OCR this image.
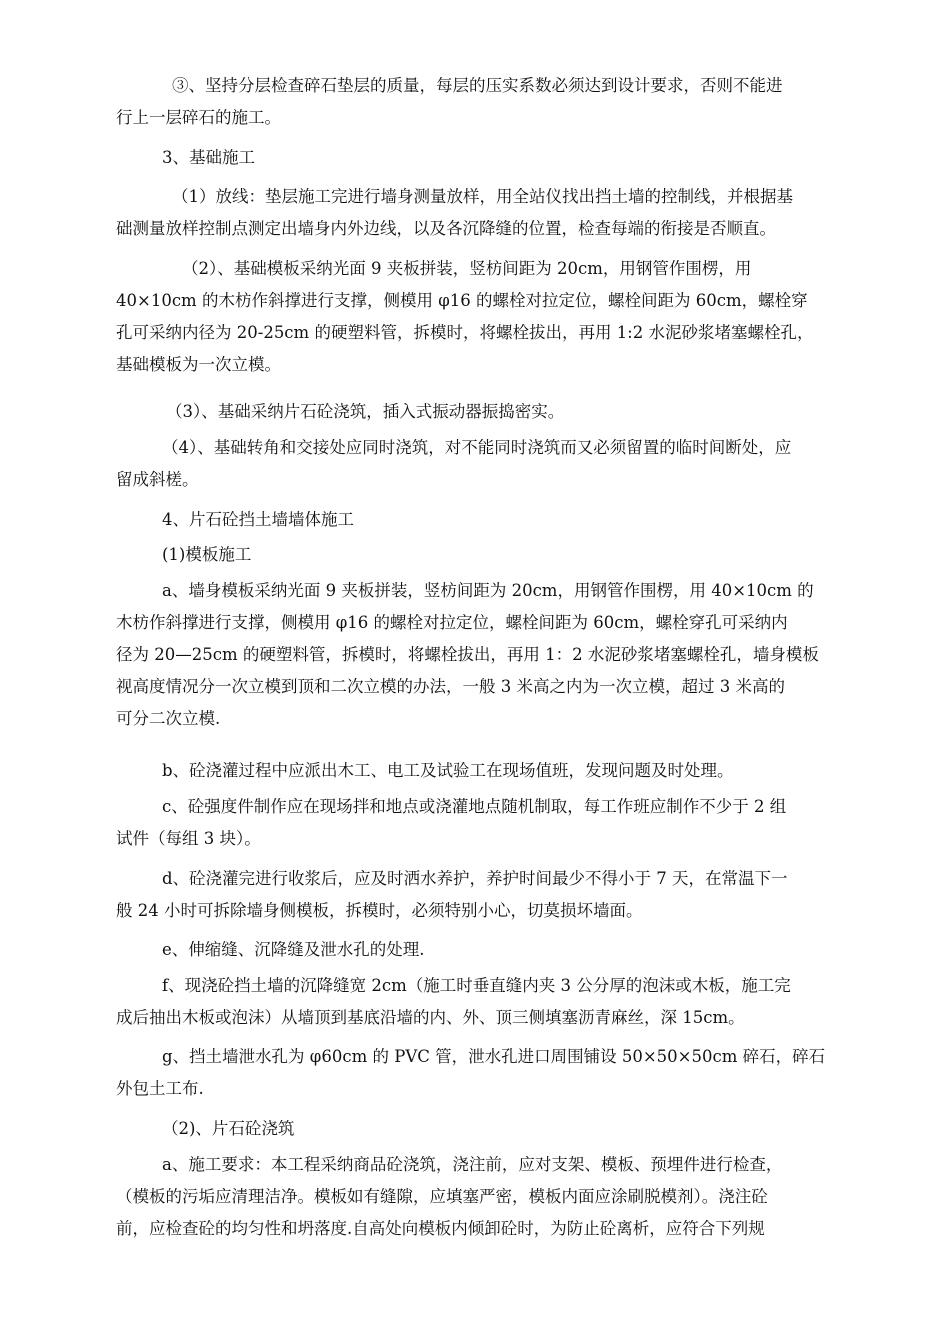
③、坚持分层检查碎石垫层的质量，每层的压实系数必须达到设计要求，否则不能进
行上一层碎石的施工。
3、基础施工
（1）放线：垫层施工完进行墙身测量放样，用全站仪找出挡土墙的控制线，并根据基
础测量放样控制点测定出墙身内外边线，以及各沉降缝的位置，检查每端的衔接是否顺直。
（2）、基础模板采纳光面 9 夹板拼装，竖枋间距为 20cm，用钢管作围楞，用
40×10cm 的木枋作斜撑进行支撑，侧模用 φ16 的螺栓对拉定位，螺栓间距为 60cm，螺栓穿
孔可采纳内径为 20-25cm 的硬塑料管，拆模时，将螺栓拔出，再用 1:2 水泥砂浆堵塞螺栓孔，
基础模板为一次立模。
（3）、基础采纳片石砼浇筑，插入式振动器振捣密实。
（4）、基础转角和交接处应同时浇筑，对不能同时浇筑而又必须留置的临时间断处，应
留成斜槎。
4、片石砼挡土墙墙体施工
(1)模板施工
a、墙身模板采纳光面 9 夹板拼装，竖枋间距为 20cm，用钢管作围楞，用 40×10cm 的
木枋作斜撑进行支撑，侧模用 φ16 的螺栓对拉定位，螺栓间距为 60cm，螺栓穿孔可采纳内
径为 20—25cm 的硬塑料管，拆模时，将螺栓拔出，再用 1：2 水泥砂浆堵塞螺栓孔，墙身模板
视高度情况分一次立模到顶和二次立模的办法，一般 3 米高之内为一次立模，超过 3 米高的
可分二次立模.
b、砼浇灌过程中应派出木工、电工及试验工在现场值班，发现问题及时处理。
c、砼强度件制作应在现场拌和地点或浇灌地点随机制取，每工作班应制作不少于 2 组
试件（每组 3 块）。
d、砼浇灌完进行收浆后，应及时洒水养护，养护时间最少不得小于 7 天，在常温下一
般 24 小时可拆除墙身侧模板，拆模时，必须特别小心，切莫损坏墙面。
e、伸缩缝、沉降缝及泄水孔的处理.
f、现浇砼挡土墙的沉降缝宽 2cm（施工时垂直缝内夹 3 公分厚的泡沫或木板，施工完
成后抽出木板或泡沫）从墙顶到基底沿墙的内、外、顶三侧填塞沥青麻丝，深 15cm。
g、挡土墙泄水孔为 φ60cm 的 PVC 管，泄水孔进口周围铺设 50×50×50cm 碎石，碎石
外包土工布.
（2)、片石砼浇筑
a、施工要求：本工程采纳商品砼浇筑，浇注前，应对支架、模板、预埋件进行检查，
（模板的污垢应清理洁净。模板如有缝隙，应填塞严密，模板内面应涂刷脱模剂）。浇注砼
前，应检查砼的均匀性和坍落度.自高处向模板内倾卸砼时，为防止砼离析，应符合下列规
